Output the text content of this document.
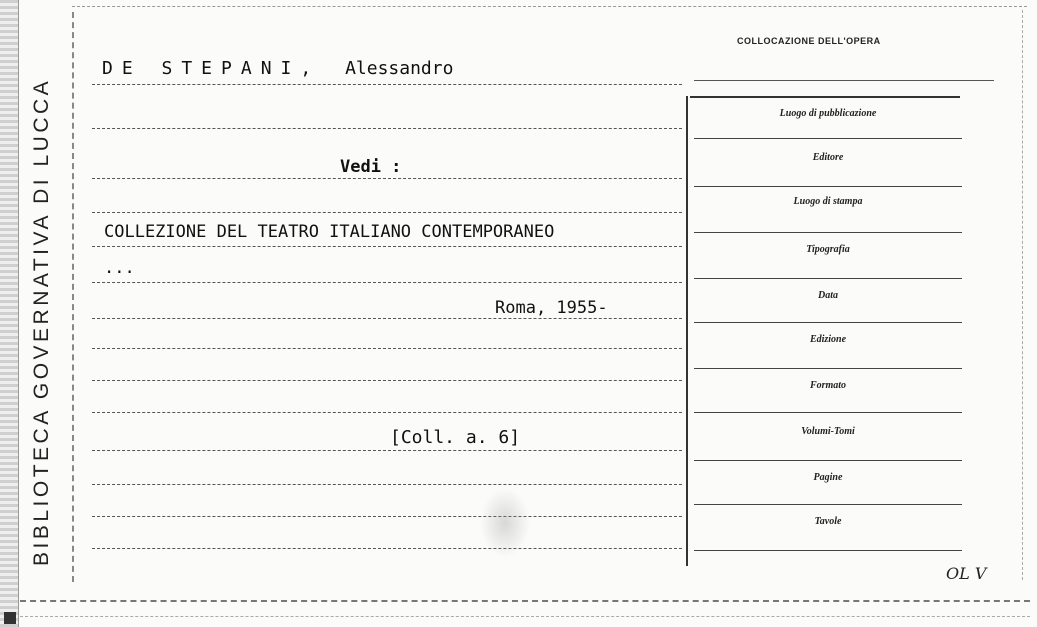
BIBLIOTECA GOVERNATIVA DI LUCCA
DE STEPANI, Alessandro
Vedi :
COLLEZIONE DEL TEATRO ITALIANO CONTEMPORANEO
...
Roma, 1955-
[Coll. a. 6]
COLLOCAZIONE DELL'OPERA
Luogo di pubblicazione
Editore
Luogo di stampa
Tipografia
Data
Edizione
Formato
Volumi-Tomi
Pagine
Tavole
OL V
